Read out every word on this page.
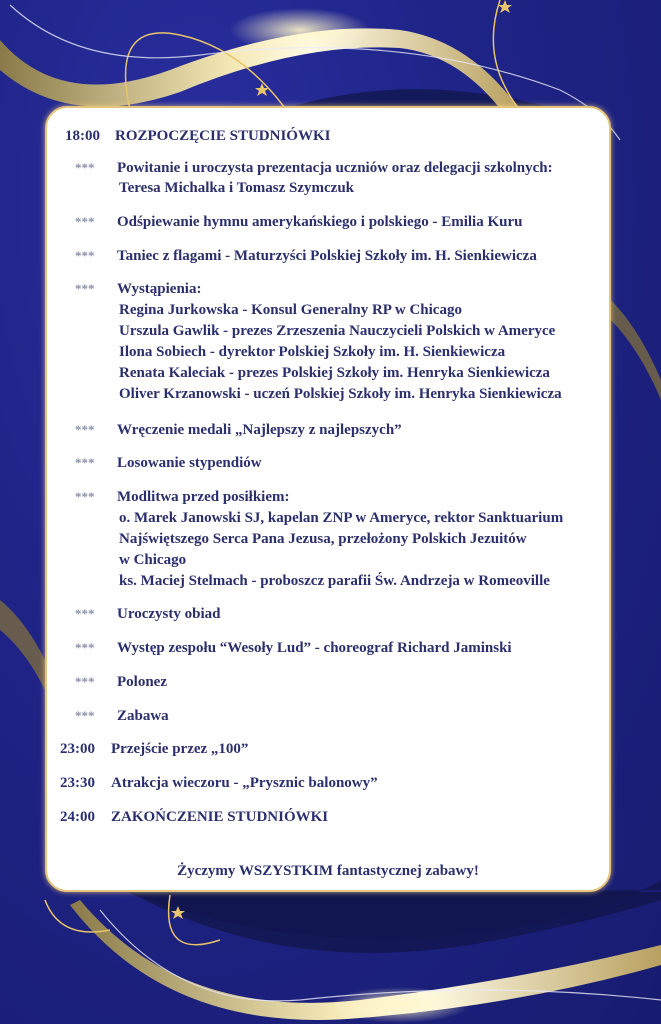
18:00 ROZPOCZĘCIE STUDNIÓWKI
*** Powitanie i uroczysta prezentacja uczniów oraz delegacji szkolnych:
Teresa Michalka i Tomasz Szymczuk
*** Odśpiewanie hymnu amerykańskiego i polskiego - Emilia Kuru
*** Taniec z flagami - Maturzyści Polskiej Szkoły im. H. Sienkiewicza
*** Wystąpienia:
Regina Jurkowska - Konsul Generalny RP w Chicago
Urszula Gawlik - prezes Zrzeszenia Nauczycieli Polskich w Ameryce
Ilona Sobiech - dyrektor Polskiej Szkoły im. H. Sienkiewicza
Renata Kaleciak - prezes Polskiej Szkoły im. Henryka Sienkiewicza
Oliver Krzanowski - uczeń Polskiej Szkoły im. Henryka Sienkiewicza
*** Wręczenie medali „Najlepszy z najlepszych”
*** Losowanie stypendiów
*** Modlitwa przed posiłkiem:
o. Marek Janowski SJ, kapelan ZNP w Ameryce, rektor Sanktuarium
Najświętszego Serca Pana Jezusa, przełożony Polskich Jezuitów
w Chicago
ks. Maciej Stelmach - proboszcz parafii Św. Andrzeja w Romeoville
*** Uroczysty obiad
*** Występ zespołu “Wesoły Lud” - choreograf Richard Jaminski
*** Polonez
*** Zabawa
23:00 Przejście przez „100”
23:30 Atrakcja wieczoru - „Prysznic balonowy”
24:00 ZAKOŃCZENIE STUDNIÓWKI
Życzymy WSZYSTKIM fantastycznej zabawy!
